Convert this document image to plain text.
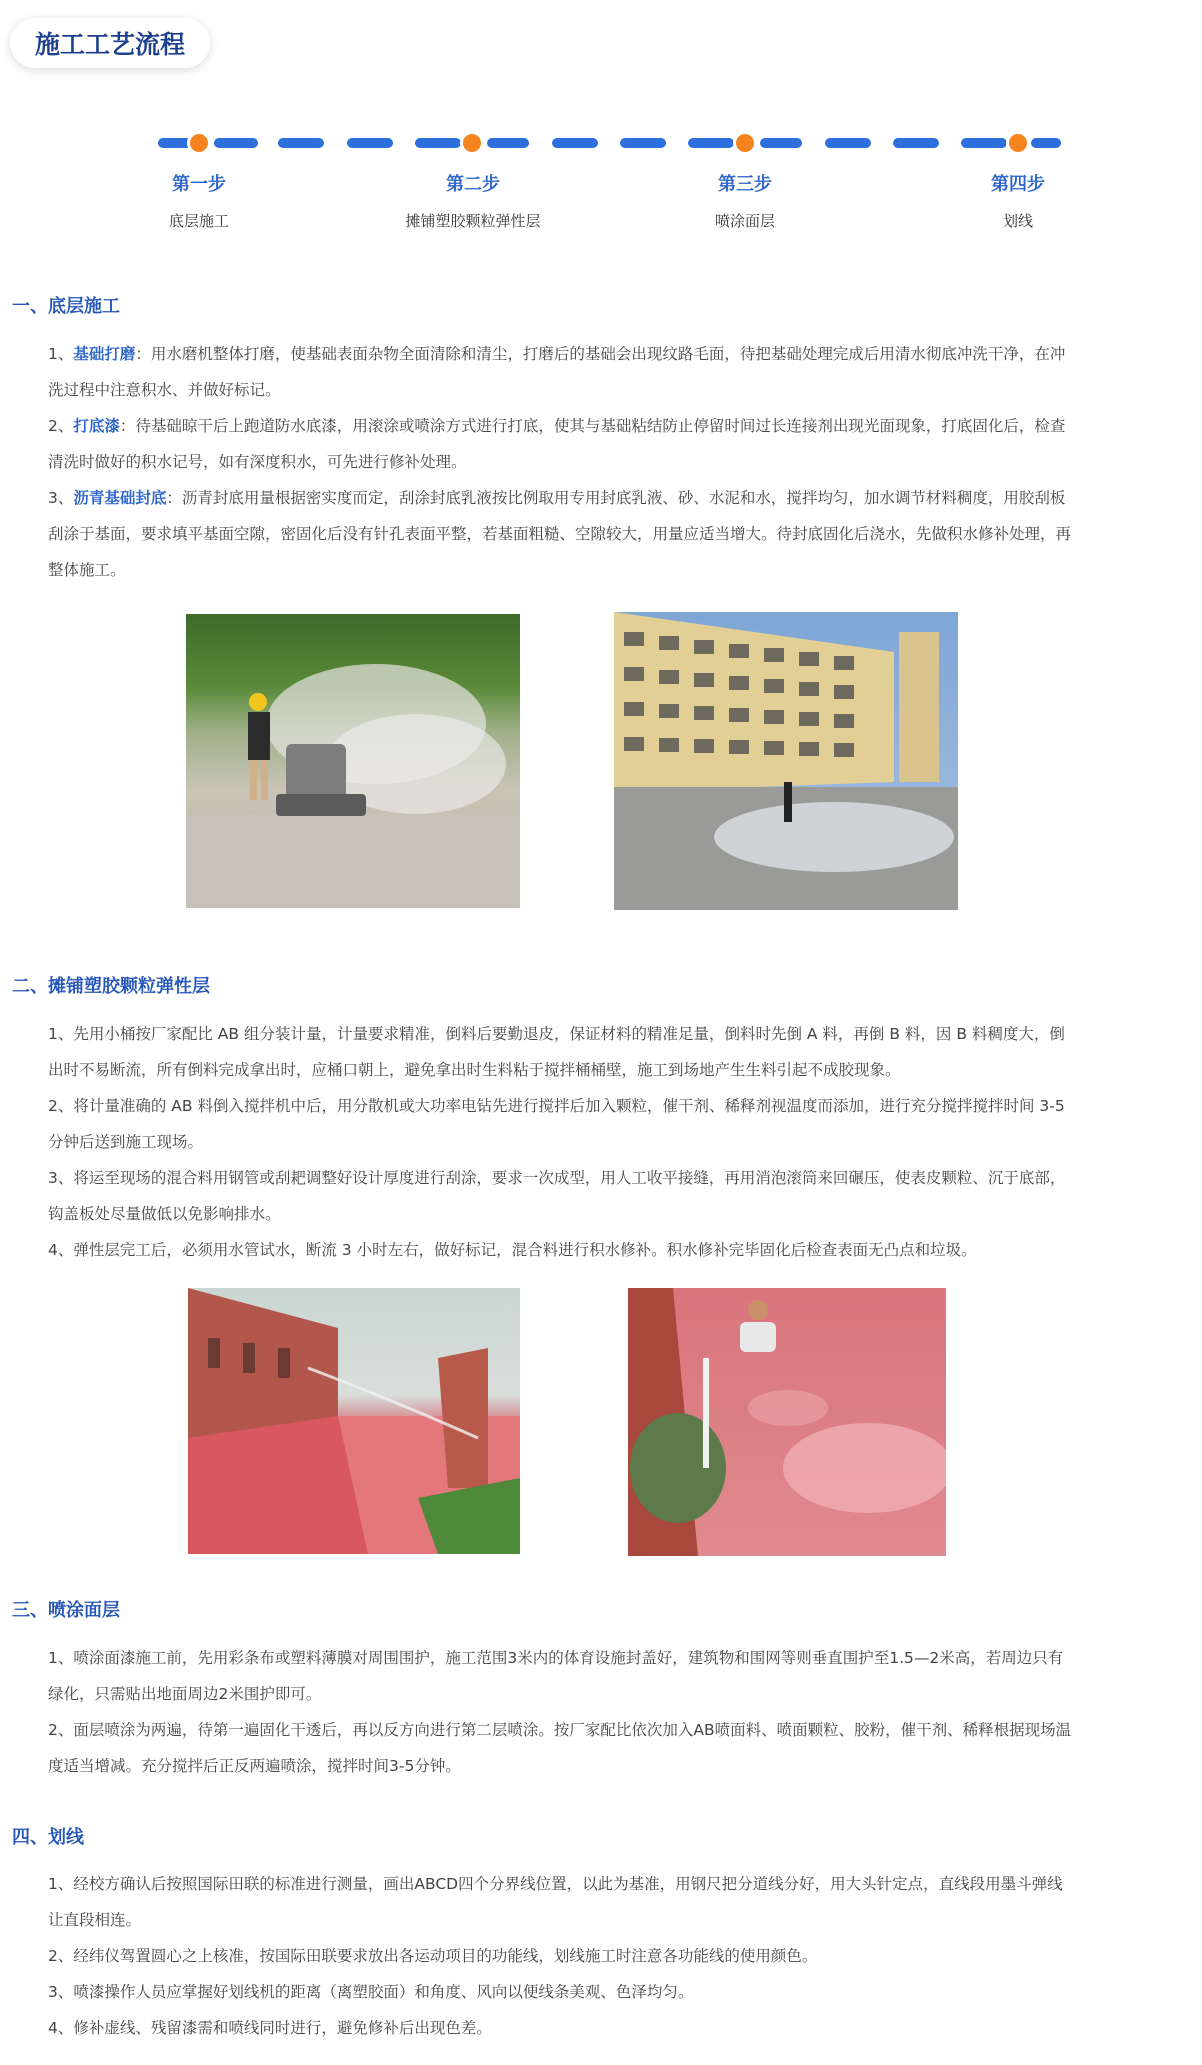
施工工艺流程
第一步
底层施工
第二步
摊铺塑胶颗粒弹性层
第三步
喷涂面层
第四步
划线
一、底层施工

1、基础打磨：用水磨机整体打磨，使基础表面杂物全面清除和清尘，打磨后的基础会出现纹路毛面，待把基础处理完成后用清水彻底冲洗干净，在冲洗过程中注意积水、并做好标记。

2、打底漆：待基础晾干后上跑道防水底漆，用滚涂或喷涂方式进行打底，使其与基础粘结防止停留时间过长连接剂出现光面现象，打底固化后，检查清洗时做好的积水记号，如有深度积水，可先进行修补处理。

3、沥青基础封底：沥青封底用量根据密实度而定，刮涂封底乳液按比例取用专用封底乳液、砂、水泥和水，搅拌均匀，加水调节材料稠度，用胶刮板刮涂于基面，要求填平基面空隙，密固化后没有针孔表面平整，若基面粗糙、空隙较大，用量应适当增大。待封底固化后浇水，先做积水修补处理，再整体施工。

二、摊铺塑胶颗粒弹性层

1、先用小桶按厂家配比 AB 组分装计量，计量要求精准，倒料后要勤退皮，保证材料的精准足量，倒料时先倒 A 料，再倒 B 料，因 B 料稠度大，倒出时不易断流，所有倒料完成拿出时，应桶口朝上，避免拿出时生料粘于搅拌桶桶壁，施工到场地产生生料引起不成胶现象。

2、将计量准确的 AB 料倒入搅拌机中后，用分散机或大功率电钻先进行搅拌后加入颗粒，催干剂、稀释剂视温度而添加，进行充分搅拌搅拌时间 3-5 分钟后送到施工现场。

3、将运至现场的混合料用钢管或刮耙调整好设计厚度进行刮涂，要求一次成型，用人工收平接缝，再用消泡滚筒来回碾压，使表皮颗粒、沉于底部，钩盖板处尽量做低以免影响排水。

4、弹性层完工后，必须用水管试水，断流 3 小时左右，做好标记，混合料进行积水修补。积水修补完毕固化后检查表面无凸点和垃圾。

三、喷涂面层

1、喷涂面漆施工前，先用彩条布或塑料薄膜对周围围护，施工范围3米内的体育设施封盖好，建筑物和围网等则垂直围护至1.5—2米高，若周边只有绿化，只需贴出地面周边2米围护即可。

2、面层喷涂为两遍，待第一遍固化干透后，再以反方向进行第二层喷涂。按厂家配比依次加入AB喷面料、喷面颗粒、胶粉，催干剂、稀释根据现场温度适当增减。充分搅拌后正反两遍喷涂，搅拌时间3-5分钟。

四、划线

1、经校方确认后按照国际田联的标准进行测量，画出ABCD四个分界线位置，以此为基准，用钢尺把分道线分好，用大头针定点，直线段用墨斗弹线让直段相连。

2、经纬仪驾置圆心之上核准，按国际田联要求放出各运动项目的功能线，划线施工时注意各功能线的使用颜色。

3、喷漆操作人员应掌握好划线机的距离（离塑胶面）和角度、风向以便线条美观、色泽均匀。

4、修补虚线、残留漆需和喷线同时进行，避免修补后出现色差。
